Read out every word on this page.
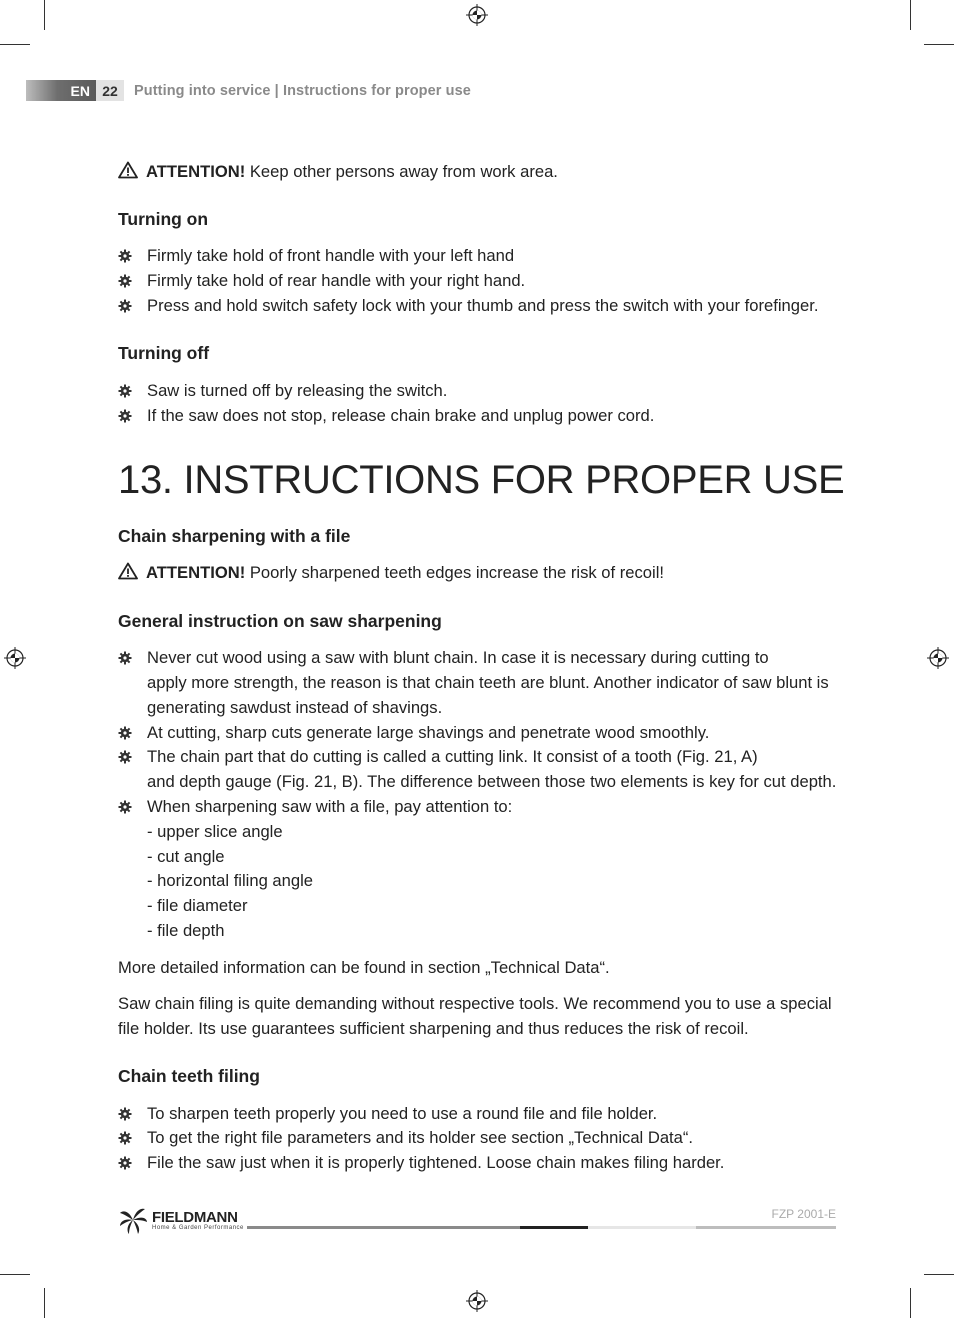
EN 22	Putting into service | Instructions for proper use
ATTENTION! Keep other persons away from work area.
Turning on
Firmly take hold of front handle with your left hand
Firmly take hold of rear handle with your right hand.
Press and hold switch safety lock with your thumb and press the switch with your forefinger.
Turning off
Saw is turned off by releasing the switch.
If the saw does not stop, release chain brake and unplug power cord.
13. INSTRUCTIONS FOR PROPER USE
Chain sharpening with a file
ATTENTION! Poorly sharpened teeth edges increase the risk of recoil!
General instruction on saw sharpening
Never cut wood using a saw with blunt chain. In case it is necessary during cutting to
apply more strength, the reason is that chain teeth are blunt. Another indicator of saw blunt is
generating sawdust instead of shavings.
At cutting, sharp cuts generate large shavings and penetrate wood smoothly.
The chain part that do cutting is called a cutting link. It consist of a tooth (Fig. 21, A)
and depth gauge (Fig. 21, B). The difference between those two elements is key for cut depth.
When sharpening saw with a file, pay attention to:
- upper slice angle
- cut angle
- horizontal filing angle
- file diameter
- file depth
More detailed information can be found in section „Technical Data“.
Saw chain filing is quite demanding without respective tools. We recommend you to use a special
file holder. Its use guarantees sufficient sharpening and thus reduces the risk of recoil.
Chain teeth filing
To sharpen teeth properly you need to use a round file and file holder.
To get the right file parameters and its holder see section „Technical Data“.
File the saw just when it is properly tightened. Loose chain makes filing harder.
FIELDMANN
Home & Garden Performance
FZP 2001-E
